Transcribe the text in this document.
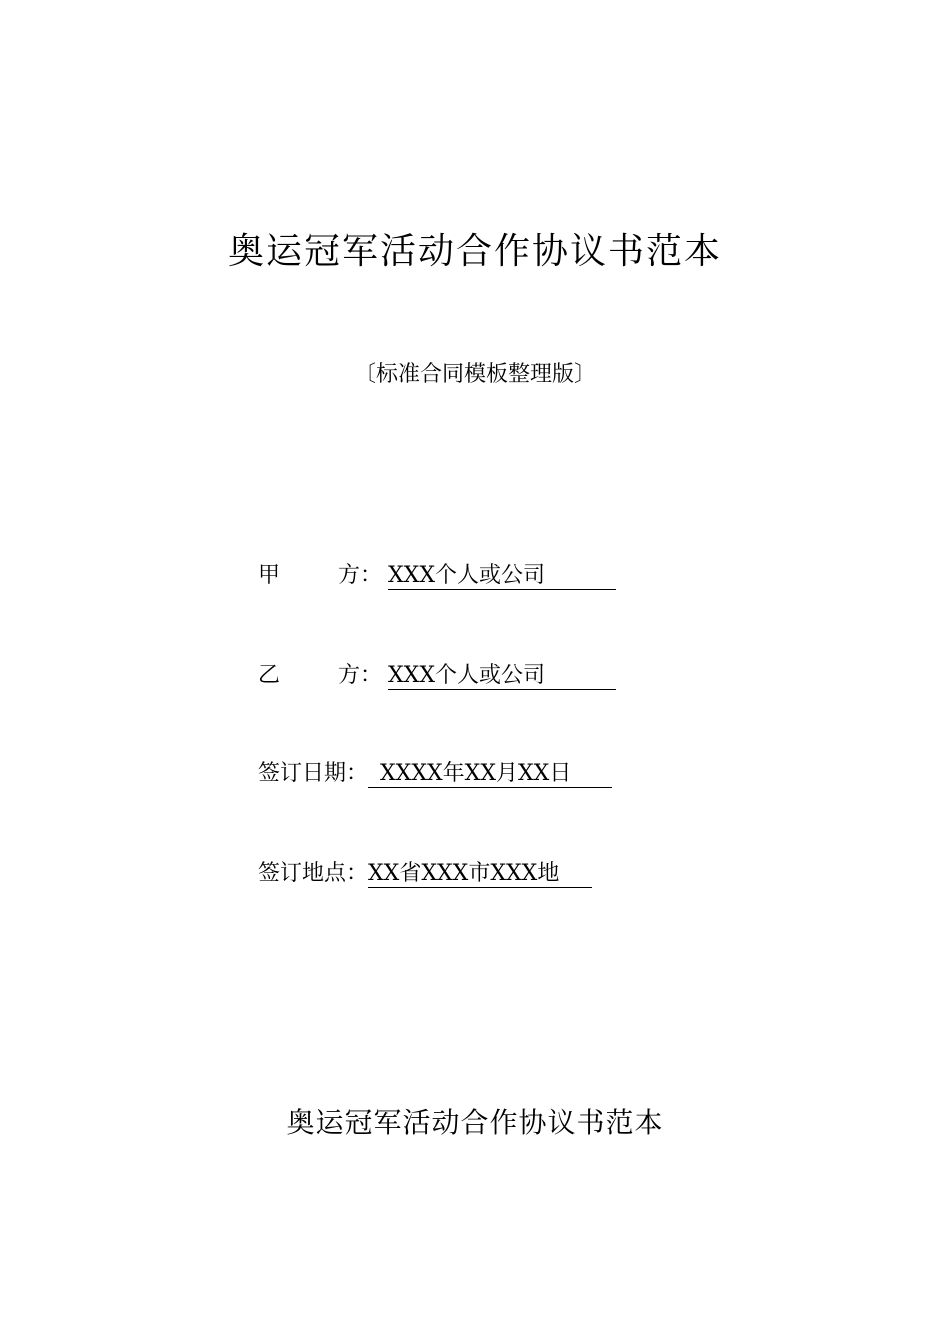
奥运冠军活动合作协议书范本
〔标准合同模板整理版〕
甲	方： XXX个人或公司
乙	方： XXX个人或公司
签订日期： XXXX年XX月XX日
签订地点：XX省XXX市XXX地
奥运冠军活动合作协议书范本
